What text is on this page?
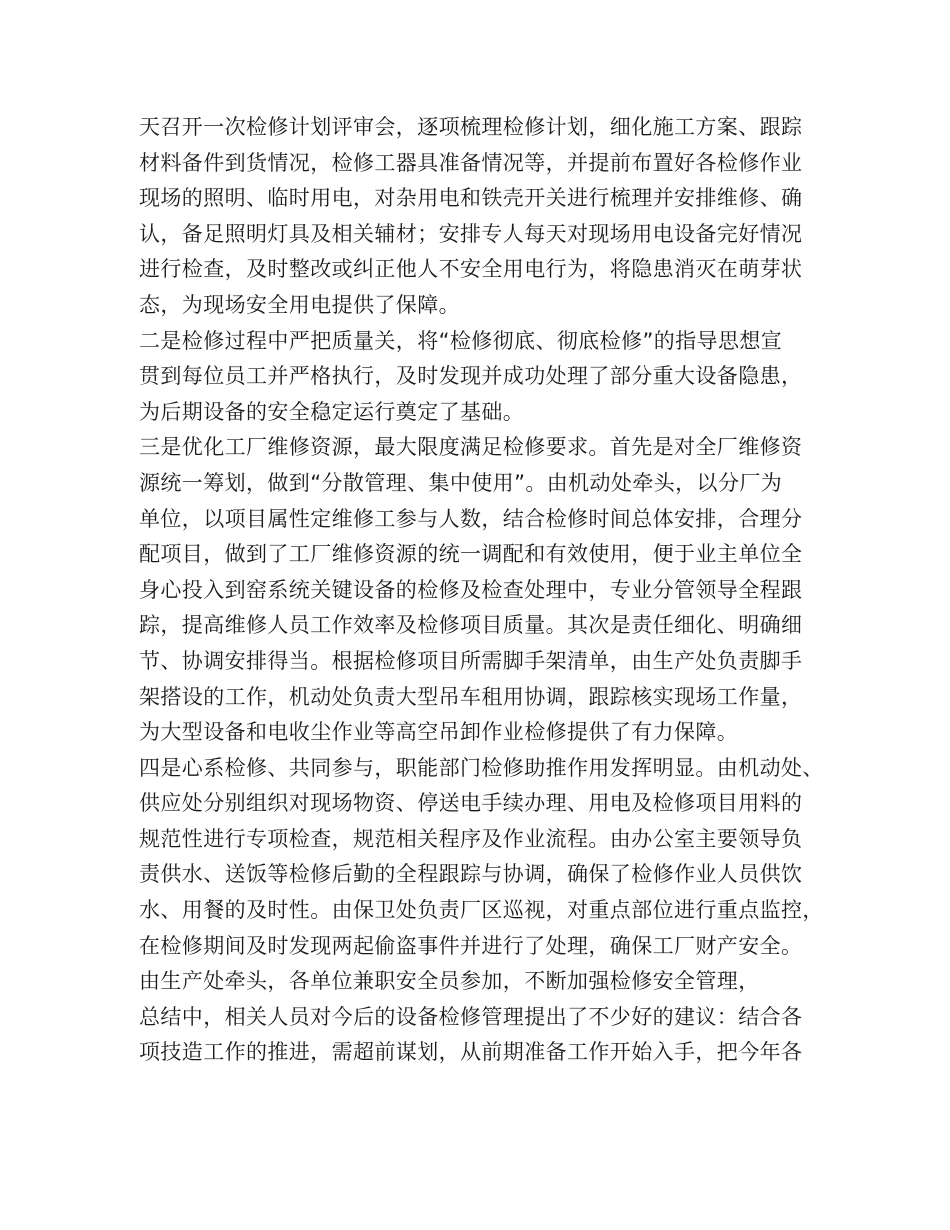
天召开一次检修计划评审会，逐项梳理检修计划，细化施工方案、跟踪
材料备件到货情况，检修工器具准备情况等，并提前布置好各检修作业
现场的照明、临时用电，对杂用电和铁壳开关进行梳理并安排维修、确
认，备足照明灯具及相关辅材；安排专人每天对现场用电设备完好情况
进行检查，及时整改或纠正他人不安全用电行为，将隐患消灭在萌芽状
态，为现场安全用电提供了保障。
二是检修过程中严把质量关，将“检修彻底、彻底检修”的指导思想宣
贯到每位员工并严格执行，及时发现并成功处理了部分重大设备隐患，
为后期设备的安全稳定运行奠定了基础。
三是优化工厂维修资源，最大限度满足检修要求。首先是对全厂维修资
源统一筹划，做到“分散管理、集中使用”。由机动处牵头，以分厂为
单位，以项目属性定维修工参与人数，结合检修时间总体安排，合理分
配项目，做到了工厂维修资源的统一调配和有效使用，便于业主单位全
身心投入到窑系统关键设备的检修及检查处理中，专业分管领导全程跟
踪，提高维修人员工作效率及检修项目质量。其次是责任细化、明确细
节、协调安排得当。根据检修项目所需脚手架清单，由生产处负责脚手
架搭设的工作，机动处负责大型吊车租用协调，跟踪核实现场工作量，
为大型设备和电收尘作业等高空吊卸作业检修提供了有力保障。
四是心系检修、共同参与，职能部门检修助推作用发挥明显。由机动处、
供应处分别组织对现场物资、停送电手续办理、用电及检修项目用料的
规范性进行专项检查，规范相关程序及作业流程。由办公室主要领导负
责供水、送饭等检修后勤的全程跟踪与协调，确保了检修作业人员供饮
水、用餐的及时性。由保卫处负责厂区巡视，对重点部位进行重点监控，
在检修期间及时发现两起偷盗事件并进行了处理，确保工厂财产安全。
由生产处牵头，各单位兼职安全员参加，不断加强检修安全管理，
总结中，相关人员对今后的设备检修管理提出了不少好的建议：结合各
项技造工作的推进，需超前谋划，从前期准备工作开始入手，把今年各
